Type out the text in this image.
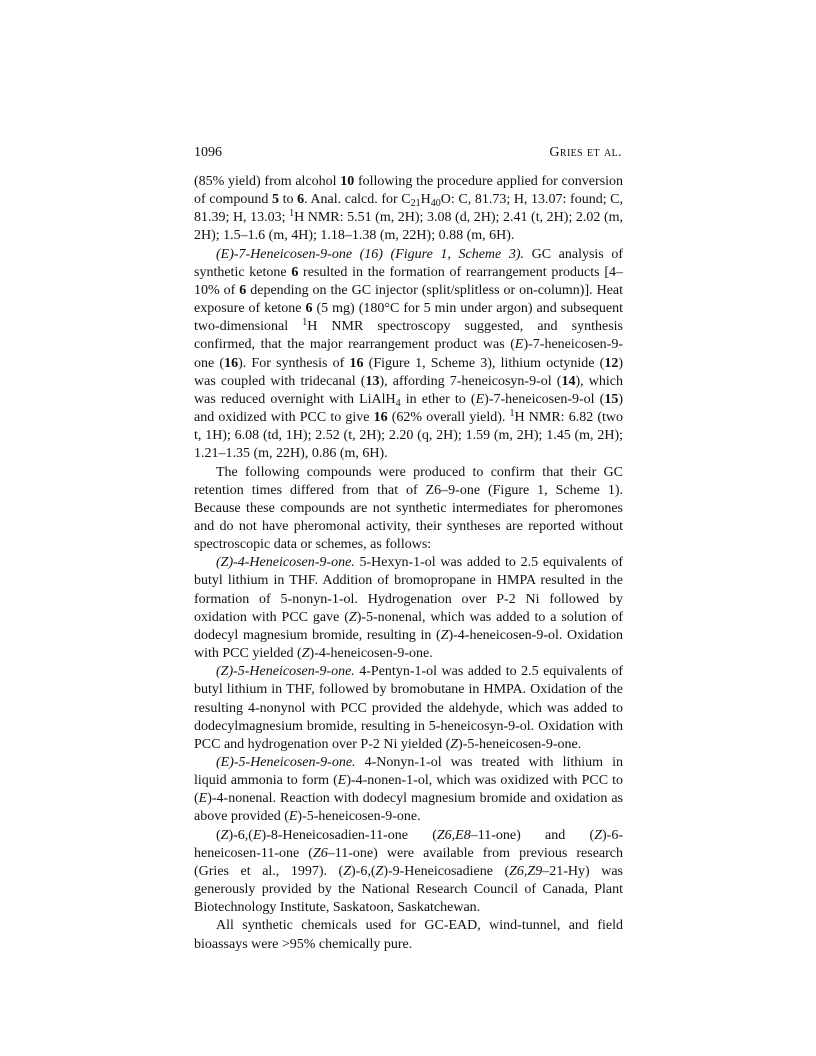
1096	Gries et al.

(85% yield) from alcohol 10 following the procedure applied for conversion of compound 5 to 6. Anal. calcd. for $C_{21}H_{40}O$: C, 81.73; H, 13.07: found; C, 81.39; H, 13.03; $^1$H NMR: 5.51 (m, 2H); 3.08 (d, 2H); 2.41 (t, 2H); 2.02 (m, 2H); 1.5–1.6 (m, 4H); 1.18–1.38 (m, 22H); 0.88 (m, 6H).

(E)-7-Heneicosen-9-one (16) (Figure 1, Scheme 3). GC analysis of synthetic ketone 6 resulted in the formation of rearrangement products [4–10% of 6 depending on the GC injector (split/splitless or on-column)]. Heat exposure of ketone 6 (5 mg) (180°C for 5 min under argon) and subsequent two-dimensional $^1$H NMR spectroscopy suggested, and synthesis confirmed, that the major rearrangement product was (E)-7-heneicosen-9-one (16). For synthesis of 16 (Figure 1, Scheme 3), lithium octynide (12) was coupled with tridecanal (13), affording 7-heneicosyn-9-ol (14), which was reduced overnight with LiAlH$_4$ in ether to (E)-7-heneicosen-9-ol (15) and oxidized with PCC to give 16 (62% overall yield). $^1$H NMR: 6.82 (two t, 1H); 6.08 (td, 1H); 2.52 (t, 2H); 2.20 (q, 2H); 1.59 (m, 2H); 1.45 (m, 2H); 1.21–1.35 (m, 22H), 0.86 (m, 6H).

The following compounds were produced to confirm that their GC retention times differed from that of Z6–9-one (Figure 1, Scheme 1). Because these compounds are not synthetic intermediates for pheromones and do not have pheromonal activity, their syntheses are reported without spectroscopic data or schemes, as follows:

(Z)-4-Heneicosen-9-one. 5-Hexyn-1-ol was added to 2.5 equivalents of butyl lithium in THF. Addition of bromopropane in HMPA resulted in the formation of 5-nonyn-1-ol. Hydrogenation over P-2 Ni followed by oxidation with PCC gave (Z)-5-nonenal, which was added to a solution of dodecyl magnesium bromide, resulting in (Z)-4-heneicosen-9-ol. Oxidation with PCC yielded (Z)-4-heneicosen-9-one.

(Z)-5-Heneicosen-9-one. 4-Pentyn-1-ol was added to 2.5 equivalents of butyl lithium in THF, followed by bromobutane in HMPA. Oxidation of the resulting 4-nonynol with PCC provided the aldehyde, which was added to dodecylmagnesium bromide, resulting in 5-heneicosyn-9-ol. Oxidation with PCC and hydrogenation over P-2 Ni yielded (Z)-5-heneicosen-9-one.

(E)-5-Heneicosen-9-one. 4-Nonyn-1-ol was treated with lithium in liquid ammonia to form (E)-4-nonen-1-ol, which was oxidized with PCC to (E)-4-nonenal. Reaction with dodecyl magnesium bromide and oxidation as above provided (E)-5-heneicosen-9-one.

(Z)-6,(E)-8-Heneicosadien-11-one (Z6,E8–11-one) and (Z)-6-heneicosen-11-one (Z6–11-one) were available from previous research (Gries et al., 1997). (Z)-6,(Z)-9-Heneicosadiene (Z6,Z9–21-Hy) was generously provided by the National Research Council of Canada, Plant Biotechnology Institute, Saskatoon, Saskatchewan.

All synthetic chemicals used for GC-EAD, wind-tunnel, and field bioassays were >95% chemically pure.
